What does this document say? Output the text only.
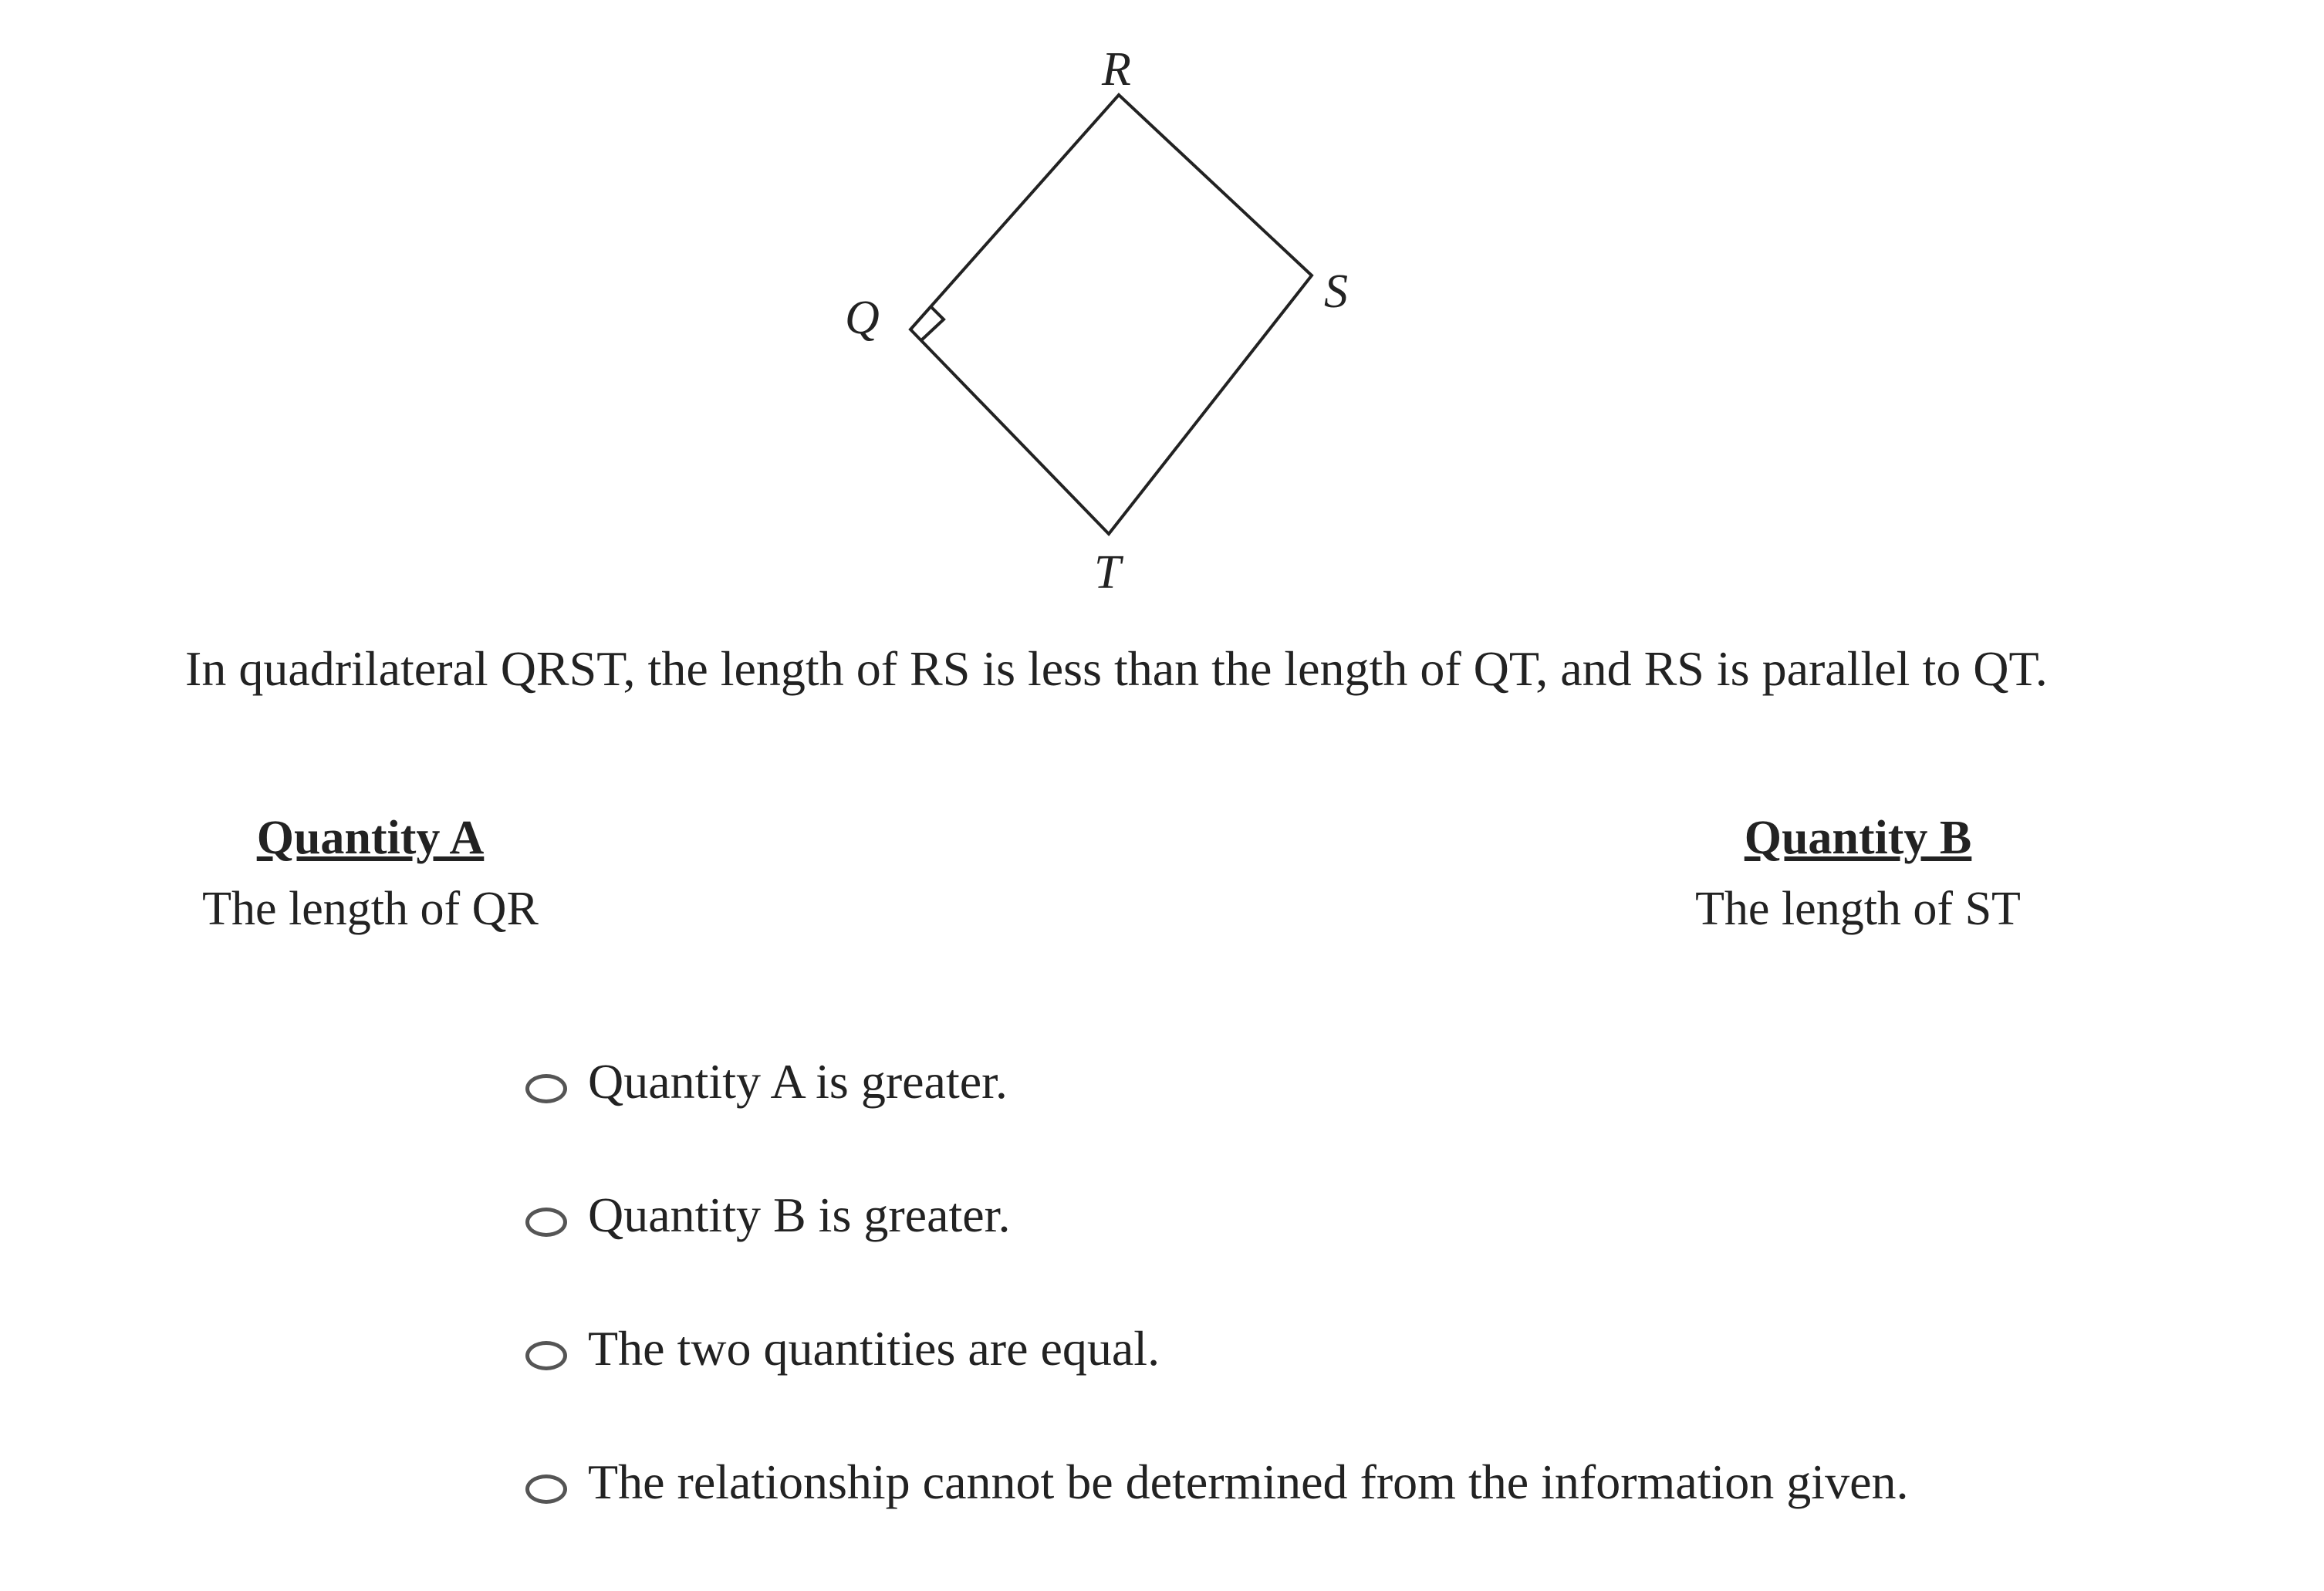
R
S
Q
T

In quadrilateral QRST, the length of RS is less than the length of QT, and RS is parallel to QT.

Quantity A
The length of QR
Quantity B
The length of ST
Quantity A is greater.
Quantity B is greater.
The two quantities are equal.
The relationship cannot be determined from the information given.
